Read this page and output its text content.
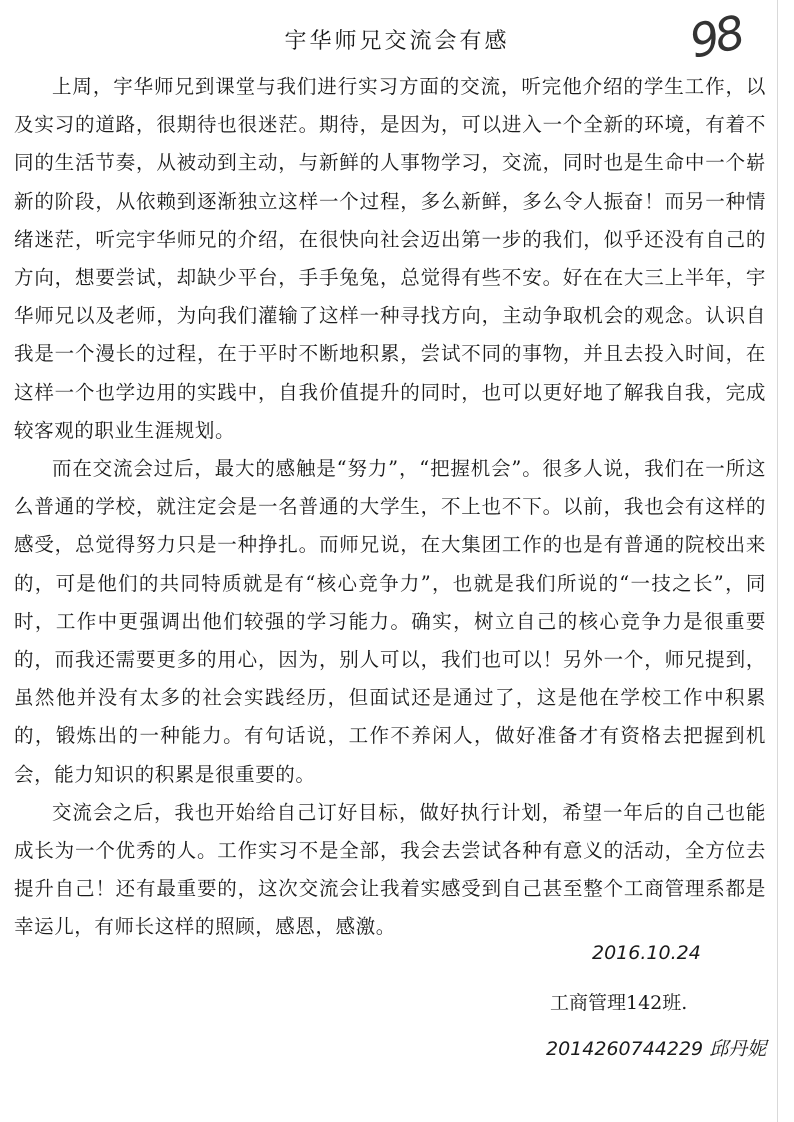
98
宇华师兄交流会有感

上周，宇华师兄到课堂与我们进行实习方面的交流，听完他介绍的学生工作，以及实习的道路，很期待也很迷茫。期待，是因为，可以进入一个全新的环境，有着不同的生活节奏，从被动到主动，与新鲜的人事物学习，交流，同时也是生命中一个崭新的阶段，从依赖到逐渐独立这样一个过程，多么新鲜，多么令人振奋！而另一种情绪迷茫，听完宇华师兄的介绍，在很快向社会迈出第一步的我们，似乎还没有自己的方向，想要尝试，却缺少平台，手手兔兔，总觉得有些不安。好在在大三上半年，宇华师兄以及老师，为向我们灌输了这样一种寻找方向，主动争取机会的观念。认识自我是一个漫长的过程，在于平时不断地积累，尝试不同的事物，并且去投入时间，在这样一个也学边用的实践中，自我价值提升的同时，也可以更好地了解我自我，完成较客观的职业生涯规划。

而在交流会过后，最大的感触是“努力”，“把握机会”。很多人说，我们在一所这么普通的学校，就注定会是一名普通的大学生，不上也不下。以前，我也会有这样的感受，总觉得努力只是一种挣扎。而师兄说，在大集团工作的也是有普通的院校出来的，可是他们的共同特质就是有“核心竞争力”，也就是我们所说的“一技之长”，同时，工作中更强调出他们较强的学习能力。确实，树立自己的核心竞争力是很重要的，而我还需要更多的用心，因为，别人可以，我们也可以！另外一个，师兄提到，虽然他并没有太多的社会实践经历，但面试还是通过了，这是他在学校工作中积累的，锻炼出的一种能力。有句话说，工作不养闲人，做好准备才有资格去把握到机会，能力知识的积累是很重要的。

交流会之后，我也开始给自己订好目标，做好执行计划，希望一年后的自己也能成长为一个优秀的人。工作实习不是全部，我会去尝试各种有意义的活动，全方位去提升自己！还有最重要的，这次交流会让我着实感受到自己甚至整个工商管理系都是幸运儿，有师长这样的照顾，感恩，感激。

2016.10.24
工商管理142班.
2014260744229 邱丹妮
